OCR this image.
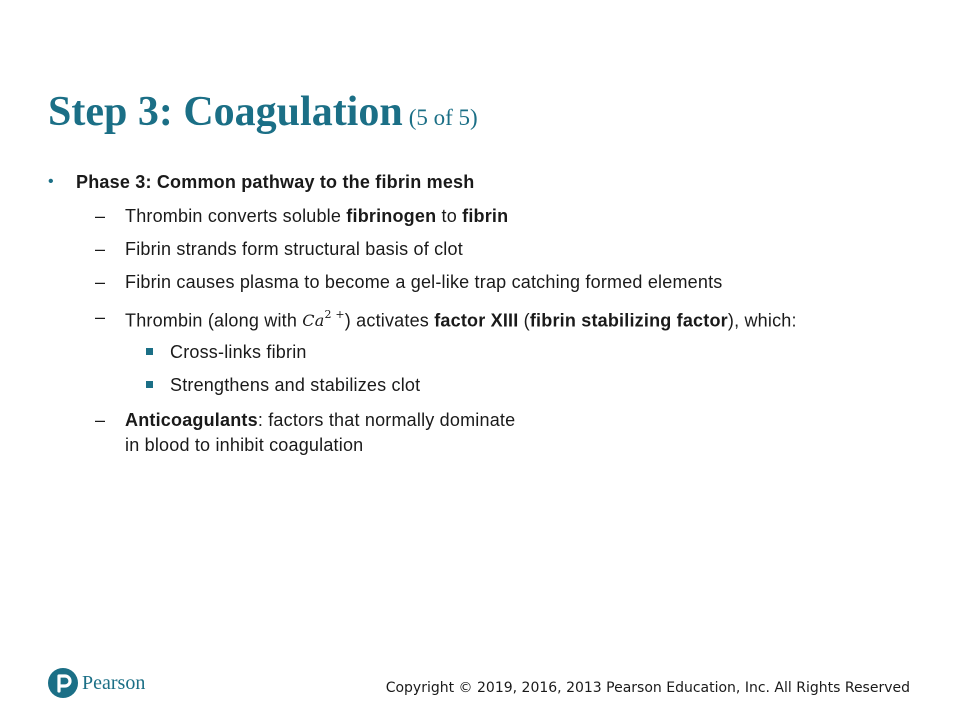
Step 3: Coagulation (5 of 5)
• Phase 3: Common pathway to the fibrin mesh
– Thrombin converts soluble fibrinogen to fibrin
– Fibrin strands form structural basis of clot
– Fibrin causes plasma to become a gel-like trap catching formed elements
– Thrombin (along with $Ca^{2 +}$) activates factor XIII (fibrin stabilizing factor), which:
Cross-links fibrin
Strengthens and stabilizes clot
– Anticoagulants: factors that normally dominate
in blood to inhibit coagulation
Pearson	Copyright © 2019, 2016, 2013 Pearson Education, Inc. All Rights Reserved
